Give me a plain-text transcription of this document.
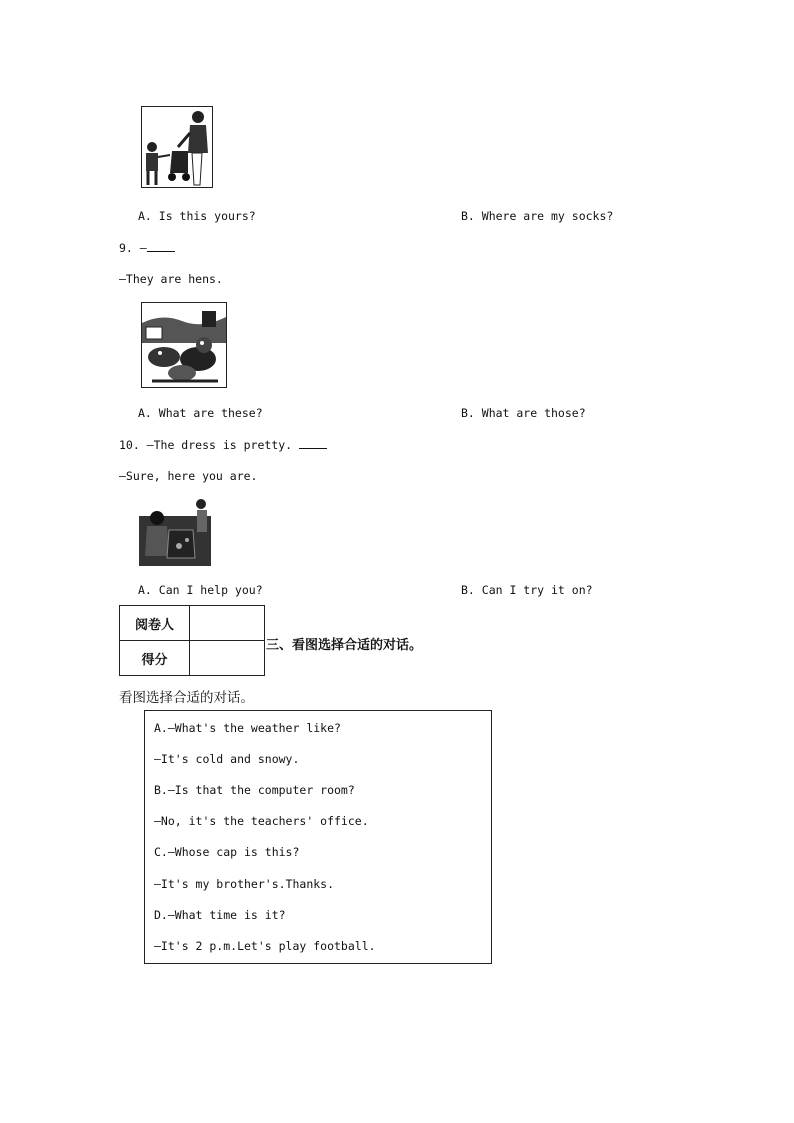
A. Is this yours?	B. Where are my socks?
9. —
—They are hens.
A. What are these?	B. What are those?
10. —The dress is pretty.
—Sure, here you are.
A. Can I help you?	B. Can I try it on?
阅卷人	
得分	
三、看图选择合适的对话。
看图选择合适的对话。
A.—What's the weather like?
—It's cold and snowy.
B.—Is that the computer room?
—No, it's the teachers' office.
C.—Whose cap is this?
—It's my brother's.Thanks.
D.—What time is it?
—It's 2 p.m.Let's play football.
